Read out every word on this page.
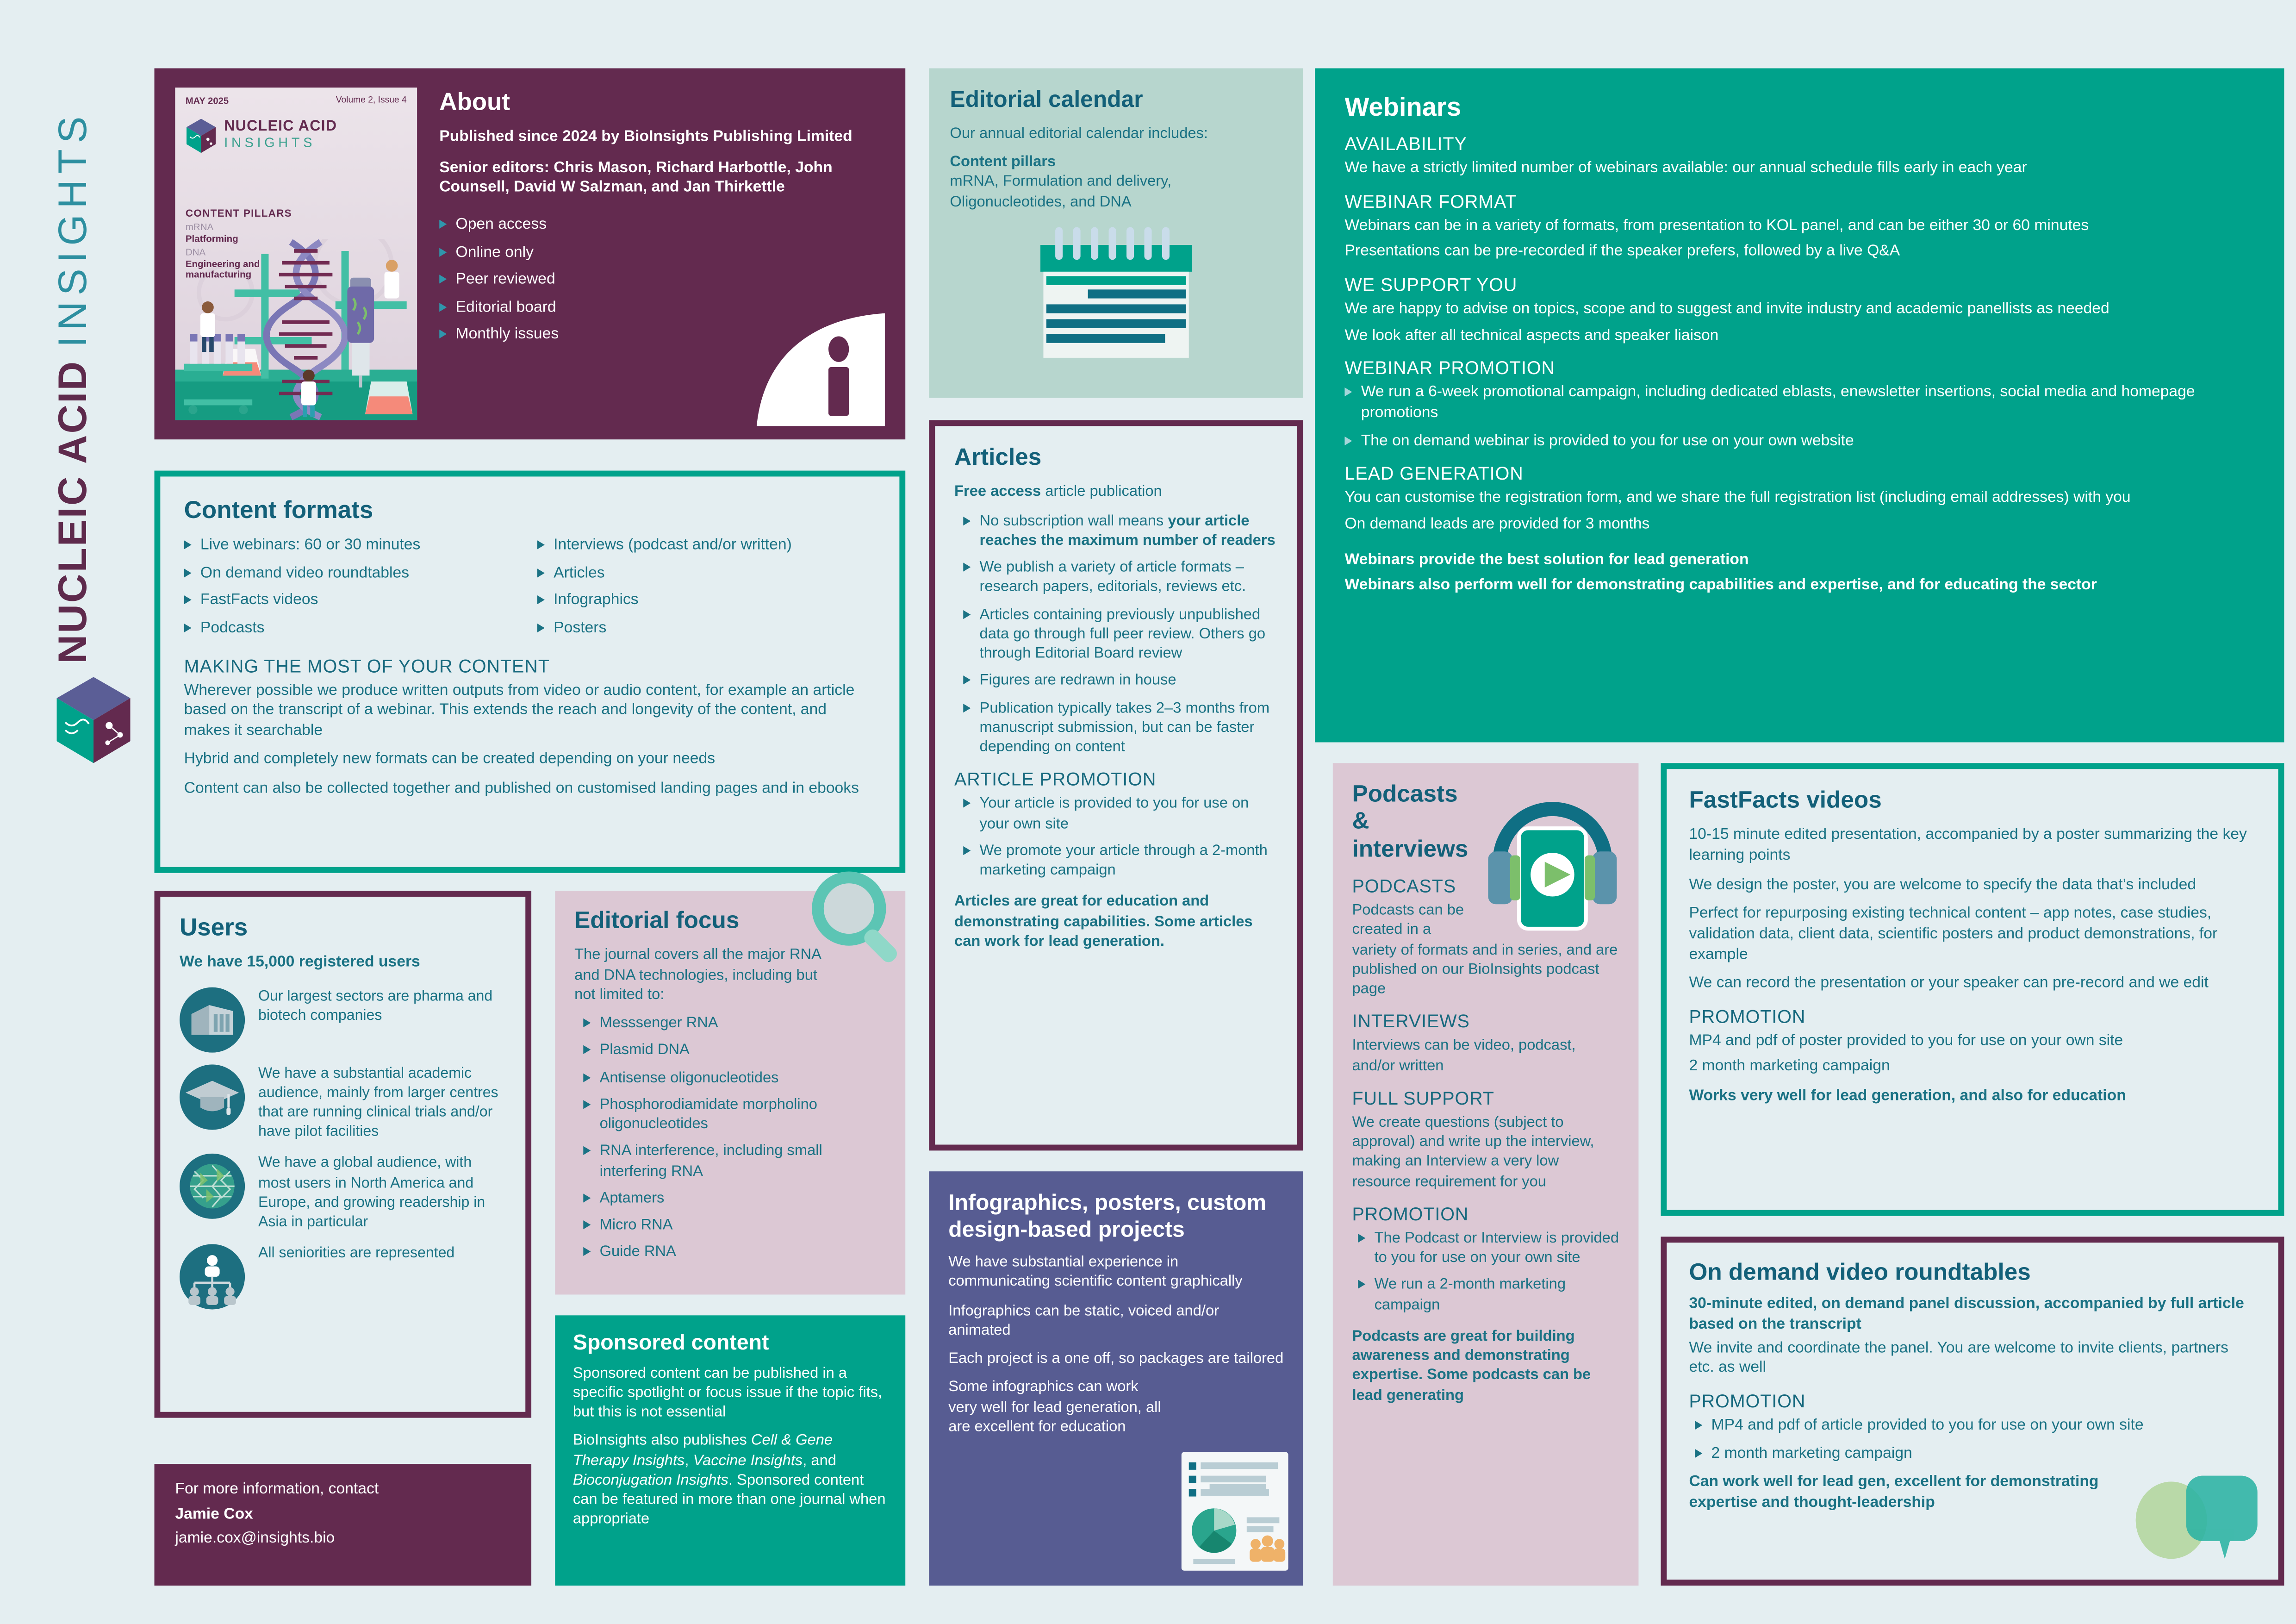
NUCLEIC ACID INSIGHTS
MAY 2025	Volume 2, Issue 4
NUCLEIC ACID
INSIGHTS

CONTENT PILLARS

mRNA

Platforming

DNA

Engineering and manufacturing

About

Published since 2024 by BioInsights Publishing Limited

Senior editors: Chris Mason, Richard Harbottle, John Counsell, David W Salzman, and Jan Thirkettle

Open access

Online only

Peer reviewed

Editorial board

Monthly issues

Editorial calendar

Our annual editorial calendar includes:

Content pillars

mRNA, Formulation and delivery, Oligonucleotides, and DNA

Webinars

AVAILABILITY

We have a strictly limited number of webinars available: our annual schedule fills early in each year

WEBINAR FORMAT

Webinars can be in a variety of formats, from presentation to KOL panel, and can be either 30 or 60 minutes

Presentations can be pre-recorded if the speaker prefers, followed by a live Q&A

WE SUPPORT YOU

We are happy to advise on topics, scope and to suggest and invite industry and academic panellists as needed

We look after all technical aspects and speaker liaison

WEBINAR PROMOTION

We run a 6-week promotional campaign, including dedicated eblasts, enewsletter insertions, social media and homepage promotions

The on demand webinar is provided to you for use on your own website

LEAD GENERATION

You can customise the registration form, and we share the full registration list (including email addresses) with you

On demand leads are provided for 3 months

Webinars provide the best solution for lead generation

Webinars also perform well for demonstrating capabilities and expertise, and for educating the sector

Content formats

Live webinars: 60 or 30 minutes

On demand video roundtables

FastFacts videos

Podcasts

Interviews (podcast and/or written)

Articles

Infographics

Posters

MAKING THE MOST OF YOUR CONTENT

Wherever possible we produce written outputs from video or audio content, for example an article based on the transcript of a webinar. This extends the reach and longevity of the content, and makes it searchable

Hybrid and completely new formats can be created depending on your needs

Content can also be collected together and published on customised landing pages and in ebooks

Users

We have 15,000 registered users

Our largest sectors are pharma and biotech companies

We have a substantial academic audience, mainly from larger centres that are running clinical trials and/or have pilot facilities

We have a global audience, with most users in North America and Europe, and growing readership in Asia in particular

All seniorities are represented

Editorial focus

The journal covers all the major RNA and DNA technologies, including but not limited to:

Messsenger RNA

Plasmid DNA

Antisense oligonucleotides

Phosphorodiamidate morpholino oligonucleotides

RNA interference, including small interfering RNA

Aptamers

Micro RNA

Guide RNA

Sponsored content

Sponsored content can be published in a specific spotlight or focus issue if the topic fits, but this is not essential

BioInsights also publishes Cell & Gene Therapy Insights, Vaccine Insights, and Bioconjugation Insights. Sponsored content can be featured in more than one journal when appropriate

For more information, contact

Jamie Cox

jamie.cox@insights.bio

Articles

Free access article publication

No subscription wall means your article reaches the maximum number of readers

We publish a variety of article formats – research papers, editorials, reviews etc.

Articles containing previously unpublished data go through full peer review. Others go through Editorial Board review

Figures are redrawn in house

Publication typically takes 2–3 months from manuscript submission, but can be faster depending on content

ARTICLE PROMOTION

Your article is provided to you for use on your own site

We promote your article through a 2-month marketing campaign

Articles are great for education and demonstrating capabilities. Some articles can work for lead generation.

Infographics, posters, custom design-based projects

We have substantial experience in communicating scientific content graphically

Infographics can be static, voiced and/or animated

Each project is a one off, so packages are tailored

Some infographics can work very well for lead generation, all are excellent for education

Podcasts & interviews

PODCASTS

Podcasts can be created in a variety of formats and in series, and are published on our BioInsights podcast page

INTERVIEWS

Interviews can be video, podcast, and/or written

FULL SUPPORT

We create questions (subject to approval) and write up the interview, making an Interview a very low resource requirement for you

PROMOTION

The Podcast or Interview is provided to you for use on your own site

We run a 2-month marketing campaign

Podcasts are great for building awareness and demonstrating expertise. Some podcasts can be lead generating

FastFacts videos

10-15 minute edited presentation, accompanied by a poster summarizing the key learning points

We design the poster, you are welcome to specify the data that’s included

Perfect for repurposing existing technical content – app notes, case studies, validation data, client data, scientific posters and product demonstrations, for example

We can record the presentation or your speaker can pre-record and we edit

PROMOTION

MP4 and pdf of poster provided to you for use on your own site

2 month marketing campaign

Works very well for lead generation, and also for education

On demand video roundtables

30-minute edited, on demand panel discussion, accompanied by full article based on the transcript

We invite and coordinate the panel. You are welcome to invite clients, partners etc. as well

PROMOTION

MP4 and pdf of article provided to you for use on your own site

2 month marketing campaign

Can work well for lead gen, excellent for demonstrating expertise and thought-leadership
